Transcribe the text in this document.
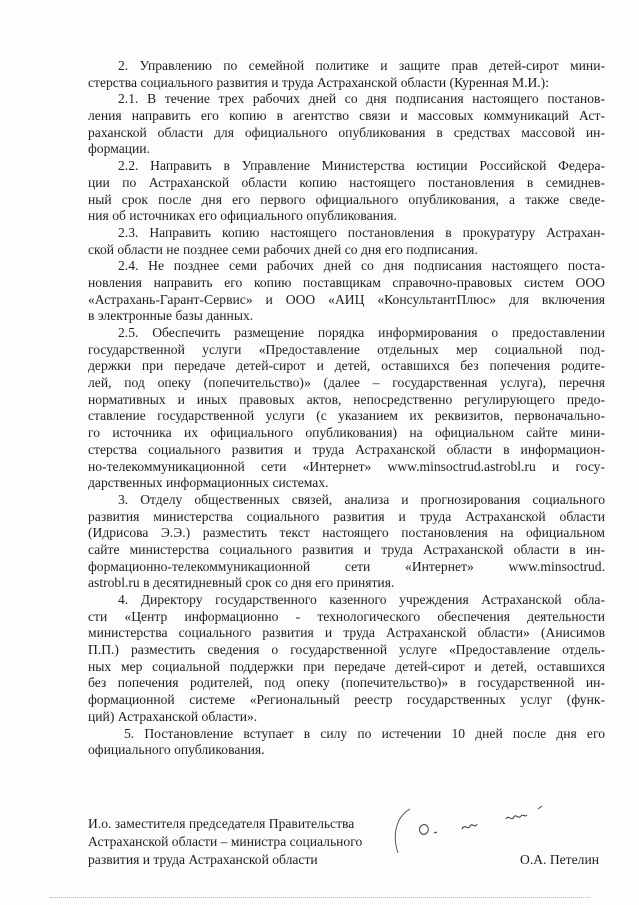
2. Управлению по семейной политике и защите прав детей-сирот мини-
стерства социального развития и труда Астраханской области (Куренная М.И.):
2.1. В течение трех рабочих дней со дня подписания настоящего постанов-
ления направить его копию в агентство связи и массовых коммуникаций Аст-
раханской области для официального опубликования в средствах массовой ин-
формации.
2.2. Направить в Управление Министерства юстиции Российской Федера-
ции по Астраханской области копию настоящего постановления в семиднев-
ный срок после дня его первого официального опубликования, а также сведе-
ния об источниках его официального опубликования.
2.3. Направить копию настоящего постановления в прокуратуру Астрахан-
ской области не позднее семи рабочих дней со дня его подписания.
2.4. Не позднее семи рабочих дней со дня подписания настоящего поста-
новления направить его копию поставщикам справочно-правовых систем ООО
«Астрахань-Гарант-Сервис» и ООО «АИЦ «КонсультантПлюс» для включения
в электронные базы данных.
2.5. Обеспечить размещение порядка информирования о предоставлении
государственной услуги «Предоставление отдельных мер социальной под-
держки при передаче детей-сирот и детей, оставшихся без попечения родите-
лей, под опеку (попечительство)» (далее – государственная услуга), перечня
нормативных и иных правовых актов, непосредственно регулирующего предо-
ставление государственной услуги (с указанием их реквизитов, первоначально-
го источника их официального опубликования) на официальном сайте мини-
стерства социального развития и труда Астраханской области в информацион-
но-телекоммуникационной сети «Интернет» www.minsoctrud.astrobl.ru и госу-
дарственных информационных системах.
3. Отделу общественных связей, анализа и прогнозирования социального
развития министерства социального развития и труда Астраханской области
(Идрисова Э.Э.) разместить текст настоящего постановления на официальном
сайте министерства социального развития и труда Астраханской области в ин-
формационно-телекоммуникационной сети «Интернет» www.minsoctrud.
astrobl.ru в десятидневный срок со дня его принятия.
4. Директору государственного казенного учреждения Астраханской обла-
сти «Центр информационно - технологического обеспечения деятельности
министерства социального развития и труда Астраханской области» (Анисимов
П.П.) разместить сведения о государственной услуге «Предоставление отдель-
ных мер социальной поддержки при передаче детей-сирот и детей, оставшихся
без попечения родителей, под опеку (попечительство)» в государственной ин-
формационной системе «Региональный реестр государственных услуг (функ-
ций) Астраханской области».
5. Постановление вступает в силу по истечении 10 дней после дня его
официального опубликования.
И.о. заместителя председателя Правительства
Астраханской области – министра социального
развития и труда Астраханской области	О.А. Петелин
